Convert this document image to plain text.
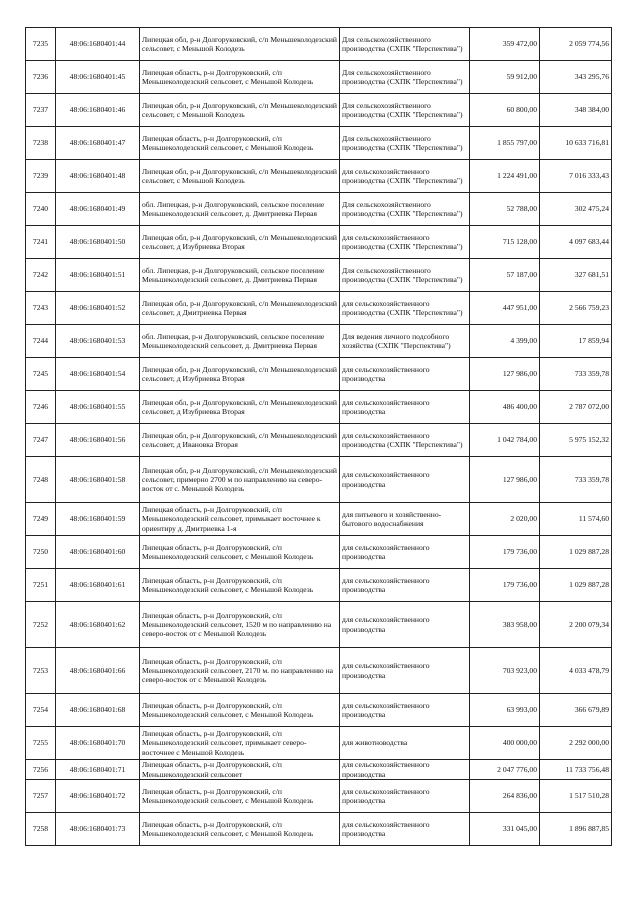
7235	48:06:1680401:44	Липецкая обл, р-н Долгоруковский, с/п Меньшеколодезский сельсовет, с Меньшой Колодезь	Для сельскохозяйственного производства (СХПК "Перспектива")	359 472,00	2 059 774,56
7236	48:06:1680401:45	Липецкая область, р-н Долгоруковский, с/п Меньшеколодезский сельсовет, с Меньшой Колодезь	Для сельскохозяйственного производства (СХПК "Перспектива")	59 912,00	343 295,76
7237	48:06:1680401:46	Липецкая обл, р-н Долгоруковский, с/п Меньшеколодезский сельсовет, с Меньшой Колодезь	Для сельскохозяйственного производства (СХПК "Перспектива")	60 800,00	348 384,00
7238	48:06:1680401:47	Липецкая область, р-н Долгоруковский, с/п Меньшеколодезский сельсовет, с Меньшой Колодезь	Для сельскохозяйственного производства (СХПК "Перспектива")	1 855 797,00	10 633 716,81
7239	48:06:1680401:48	Липецкая обл, р-н Долгоруковский, с/п Меньшеколодезский сельсовет, с Меньшой Колодезь	для сельскохозяйственного производства (СХПК "Перспектива")	1 224 491,00	7 016 333,43
7240	48:06:1680401:49	обл. Липецкая, р-н Долгоруковский, сельское поселение Меньшеколодезский сельсовет, д. Дмитриевка Первая	Для сельскохозяйственного производства (СХПК "Перспектива")	52 788,00	302 475,24
7241	48:06:1680401:50	Липецкая обл, р-н Долгоруковский, с/п Меньшеколодезский сельсовет, д Изубриевка Вторая	для сельскохозяйственного производства (СХПК "Перспектива")	715 128,00	4 097 683,44
7242	48:06:1680401:51	обл. Липецкая, р-н Долгоруковский, сельское поселение Меньшеколодезский сельсовет, д. Дмитриевка Первая	Для сельскохозяйственного производства (СХПК "Перспектива")	57 187,00	327 681,51
7243	48:06:1680401:52	Липецкая обл, р-н Долгоруковский, с/п Меньшеколодезский сельсовет, д Дмитриевка Первая	для сельскохозяйственного производства (СХПК "Перспектива")	447 951,00	2 566 759,23
7244	48:06:1680401:53	обл. Липецкая, р-н Долгоруковский, сельское поселение Меньшеколодезский сельсовет, д. Дмитриевка Первая	Для ведения личного подсобного хозяйства (СХПК "Перспектива")	4 399,00	17 859,94
7245	48:06:1680401:54	Липецкая обл, р-н Долгоруковский, с/п Меньшеколодезский сельсовет, д Изубриевка Вторая	для сельскохозяйственного производства	127 986,00	733 359,78
7246	48:06:1680401:55	Липецкая обл, р-н Долгоруковский, с/п Меньшеколодезский сельсовет, д Изубриевка Вторая	для сельскохозяйственного производства	486 400,00	2 787 072,00
7247	48:06:1680401:56	Липецкая обл, р-н Долгоруковский, с/п Меньшеколодезский сельсовет, д Ивановка Вторая	для сельскохозяйственного производства (СХПК "Перспектива")	1 042 784,00	5 975 152,32
7248	48:06:1680401:58	Липецкая обл, р-н Долгоруковский, с/п Меньшеколодезский сельсовет, примерно 2700 м по направлению на северо-восток от с. Меньшой Колодезь	для сельскохозяйственного производства	127 986,00	733 359,78
7249	48:06:1680401:59	Липецкая область, р-н Долгоруковский, с/п Меньшеколодезский сельсовет, примыкает восточнее к ориентиру д. Дмитриевка 1-я	для питьевого и хозяйственно-бытового водоснабжения	2 020,00	11 574,60
7250	48:06:1680401:60	Липецкая область, р-н Долгоруковский, с/п Меньшеколодезский сельсовет, с Меньшой Колодезь	для сельскохозяйственного производства	179 736,00	1 029 887,28
7251	48:06:1680401:61	Липецкая область, р-н Долгоруковский, с/п Меньшеколодезский сельсовет, с Меньшой Колодезь	для сельскохозяйственного производства	179 736,00	1 029 887,28
7252	48:06:1680401:62	Липецкая область, р-н Долгоруковский, с/п Меньшеколодезский сельсовет, 1520 м по направлению на северо-восток от с Меньшой Колодезь	для сельскохозяйственного производства	383 958,00	2 200 079,34
7253	48:06:1680401:66	Липецкая область, р-н Долгоруковский, с/п Меньшеколодезский сельсовет, 2170 м. по направлению на северо-восток от с Меньшой Колодезь	для сельскохозяйственного производства	703 923,00	4 033 478,79
7254	48:06:1680401:68	Липецкая область, р-н Долгоруковский, с/п Меньшеколодезский сельсовет, с Меньшой Колодезь	для сельскохозяйственного производства	63 993,00	366 679,89
7255	48:06:1680401:70	Липецкая область, р-н Долгоруковский, с/п Меньшеколодезский сельсовет, примыкает северо-восточнее с Меньшой Колодезь	для животноводства	400 000,00	2 292 000,00
7256	48:06:1680401:71	Липецкая область, р-н Долгоруковский, с/п Меньшеколодезский сельсовет	для сельскохозяйственного производства	2 047 776,00	11 733 756,48
7257	48:06:1680401:72	Липецкая область, р-н Долгоруковский, с/п Меньшеколодезский сельсовет, с Меньшой Колодезь	для сельскохозяйственного производства	264 836,00	1 517 510,28
7258	48:06:1680401:73	Липецкая область, р-н Долгоруковский, с/п Меньшеколодезский сельсовет, с Меньшой Колодезь	для сельскохозяйственного производства	331 045,00	1 896 887,85
